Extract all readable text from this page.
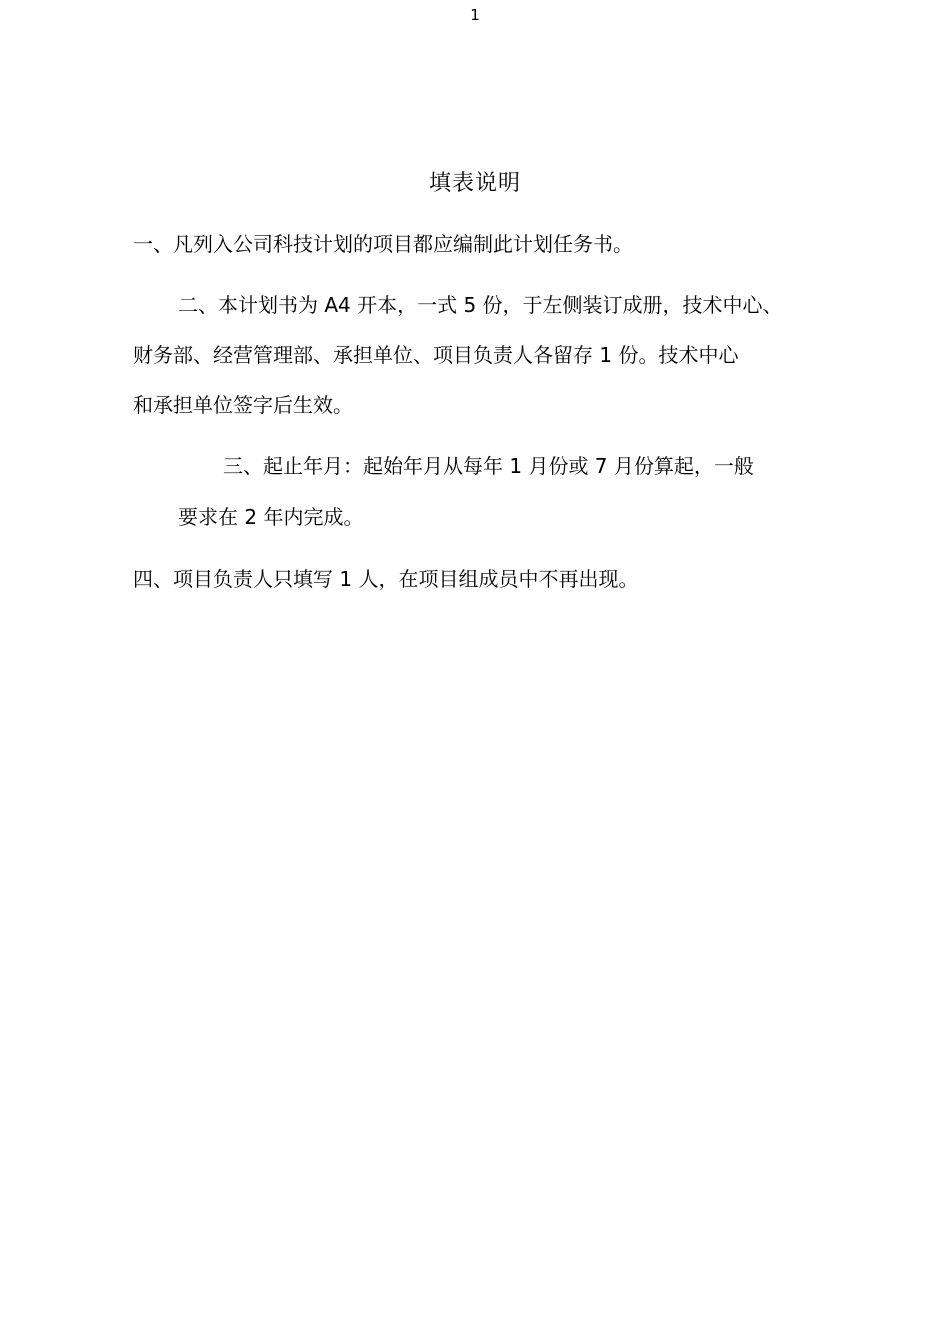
1
填表说明
一、凡列入公司科技计划的项目都应编制此计划任务书。
二、本计划书为 A4 开本，一式 5 份，于左侧装订成册，技术中心、
财务部、经营管理部、承担单位、项目负责人各留存 1 份。技术中心
和承担单位签字后生效。
三、起止年月：起始年月从每年 1 月份或 7 月份算起，一般
要求在 2 年内完成。
四、项目负责人只填写 1 人，在项目组成员中不再出现。
